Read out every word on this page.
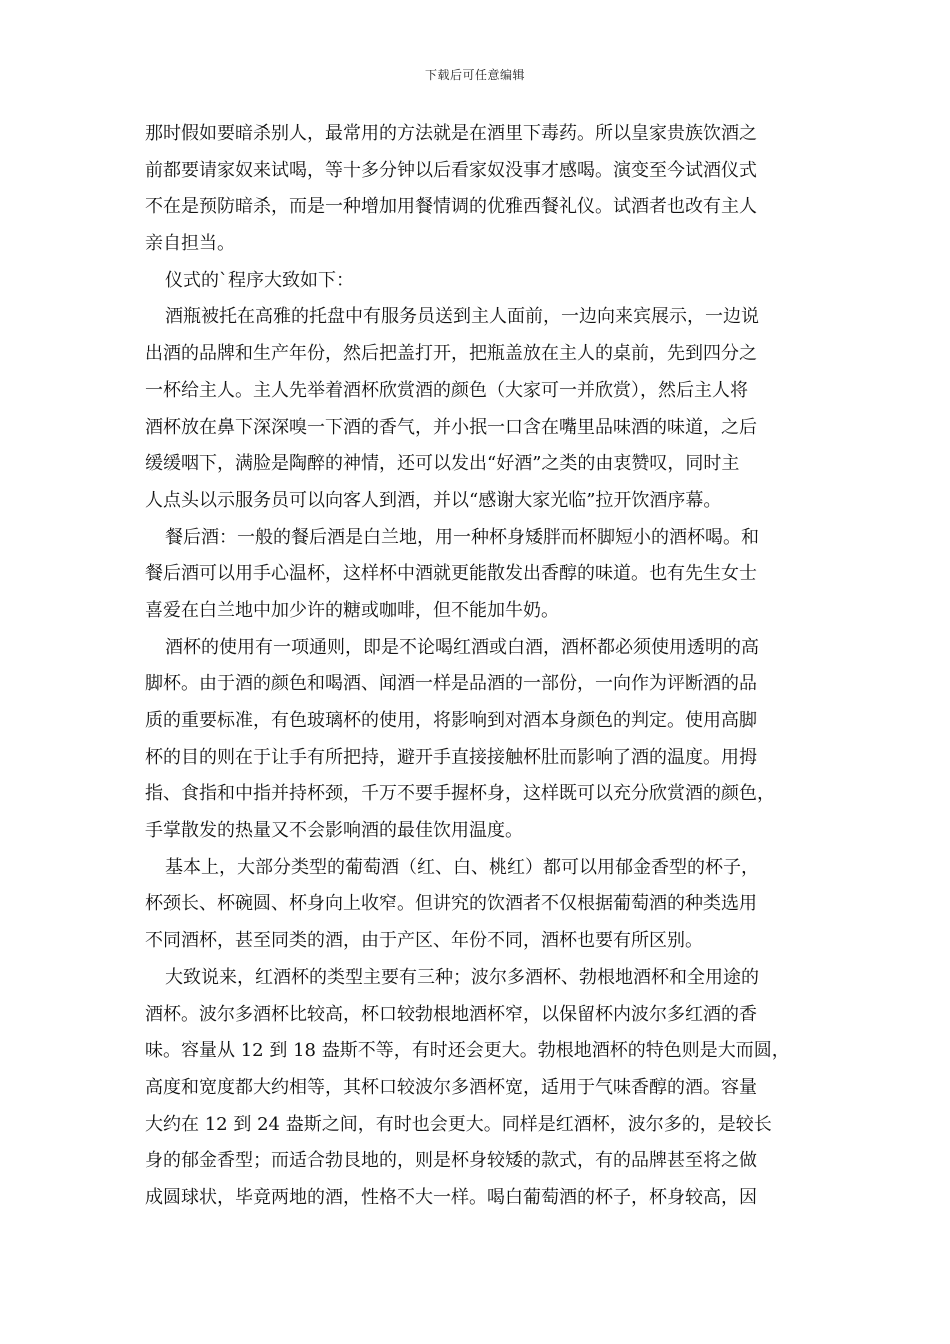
下载后可任意编辑
那时假如要暗杀别人，最常用的方法就是在酒里下毒药。所以皇家贵族饮酒之
前都要请家奴来试喝，等十多分钟以后看家奴没事才感喝。演变至今试酒仪式
不在是预防暗杀，而是一种增加用餐情调的优雅西餐礼仪。试酒者也改有主人
亲自担当。
仪式的`程序大致如下：
酒瓶被托在高雅的托盘中有服务员送到主人面前，一边向来宾展示，一边说
出酒的品牌和生产年份，然后把盖打开，把瓶盖放在主人的桌前，先到四分之
一杯给主人。主人先举着酒杯欣赏酒的颜色（大家可一并欣赏），然后主人将
酒杯放在鼻下深深嗅一下酒的香气，并小抿一口含在嘴里品味酒的味道，之后
缓缓咽下，满脸是陶醉的神情，还可以发出“好酒”之类的由衷赞叹，同时主
人点头以示服务员可以向客人到酒，并以“感谢大家光临”拉开饮酒序幕。
餐后酒：一般的餐后酒是白兰地，用一种杯身矮胖而杯脚短小的酒杯喝。和
餐后酒可以用手心温杯，这样杯中酒就更能散发出香醇的味道。也有先生女士
喜爱在白兰地中加少许的糖或咖啡，但不能加牛奶。
酒杯的使用有一项通则，即是不论喝红酒或白酒，酒杯都必须使用透明的高
脚杯。由于酒的颜色和喝酒、闻酒一样是品酒的一部份，一向作为评断酒的品
质的重要标准，有色玻璃杯的使用，将影响到对酒本身颜色的判定。使用高脚
杯的目的则在于让手有所把持，避开手直接接触杯肚而影响了酒的温度。用拇
指、食指和中指并持杯颈，千万不要手握杯身，这样既可以充分欣赏酒的颜色，
手掌散发的热量又不会影响酒的最佳饮用温度。
基本上，大部分类型的葡萄酒（红、白、桃红）都可以用郁金香型的杯子，
杯颈长、杯碗圆、杯身向上收窄。但讲究的饮酒者不仅根据葡萄酒的种类选用
不同酒杯，甚至同类的酒，由于产区、年份不同，酒杯也要有所区别。
大致说来，红酒杯的类型主要有三种；波尔多酒杯、勃根地酒杯和全用途的
酒杯。波尔多酒杯比较高，杯口较勃根地酒杯窄，以保留杯内波尔多红酒的香
味。容量从 12 到 18 盎斯不等，有时还会更大。勃根地酒杯的特色则是大而圆，
高度和宽度都大约相等，其杯口较波尔多酒杯宽，适用于气味香醇的酒。容量
大约在 12 到 24 盎斯之间，有时也会更大。同样是红酒杯，波尔多的，是较长
身的郁金香型；而适合勃艮地的，则是杯身较矮的款式，有的品牌甚至将之做
成圆球状，毕竟两地的酒，性格不大一样。喝白葡萄酒的杯子，杯身较高，因
